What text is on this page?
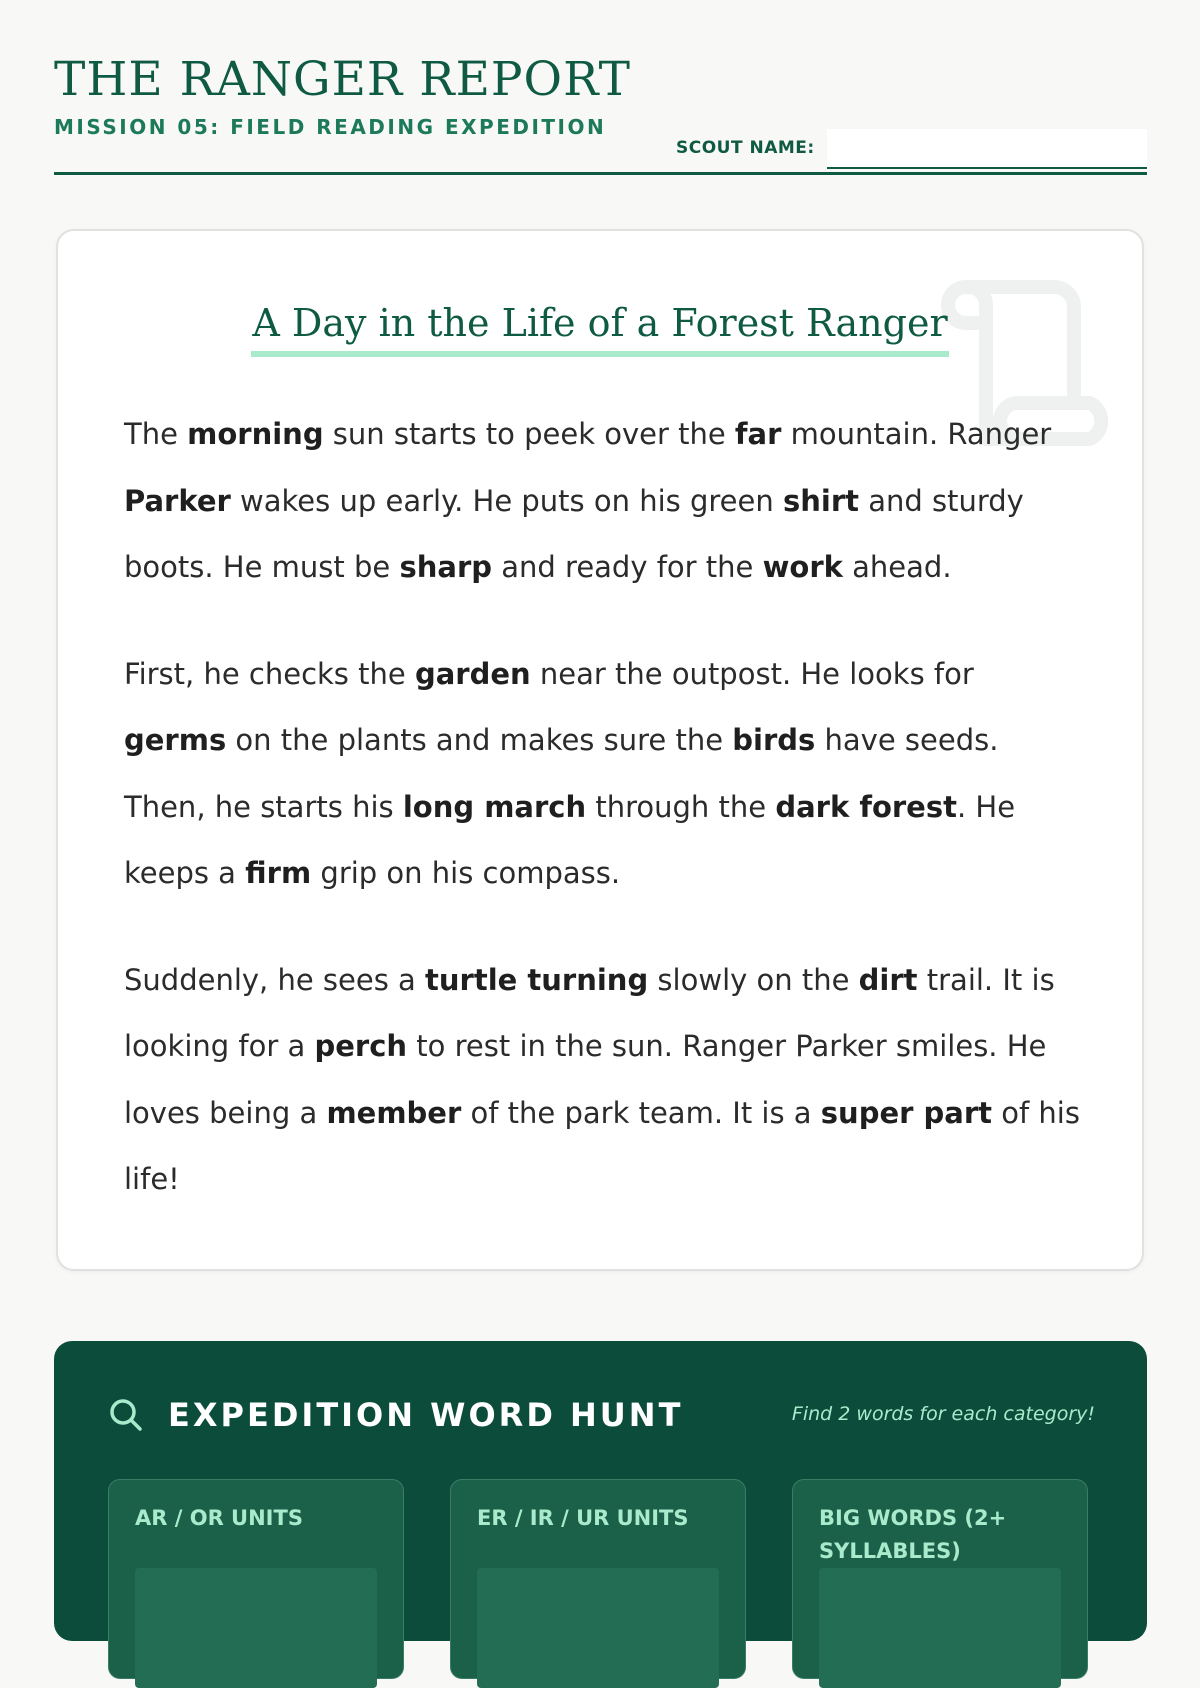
THE RANGER REPORT
MISSION 05: FIELD READING EXPEDITION
SCOUT NAME:
A Day in the Life of a Forest Ranger

The morning sun starts to peek over the far mountain. Ranger Parker wakes up early. He puts on his green shirt and sturdy boots. He must be sharp and ready for the work ahead.

First, he checks the garden near the outpost. He looks for germs on the plants and makes sure the birds have seeds. Then, he starts his long march through the dark forest. He keeps a firm grip on his compass.

Suddenly, he sees a turtle turning slowly on the dirt trail. It is looking for a perch to rest in the sun. Ranger Parker smiles. He loves being a member of the park team. It is a super part of his life!

EXPEDITION WORD HUNT	Find 2 words for each category!
AR / OR UNITS	ER / IR / UR UNITS	BIG WORDS (2+ SYLLABLES)
